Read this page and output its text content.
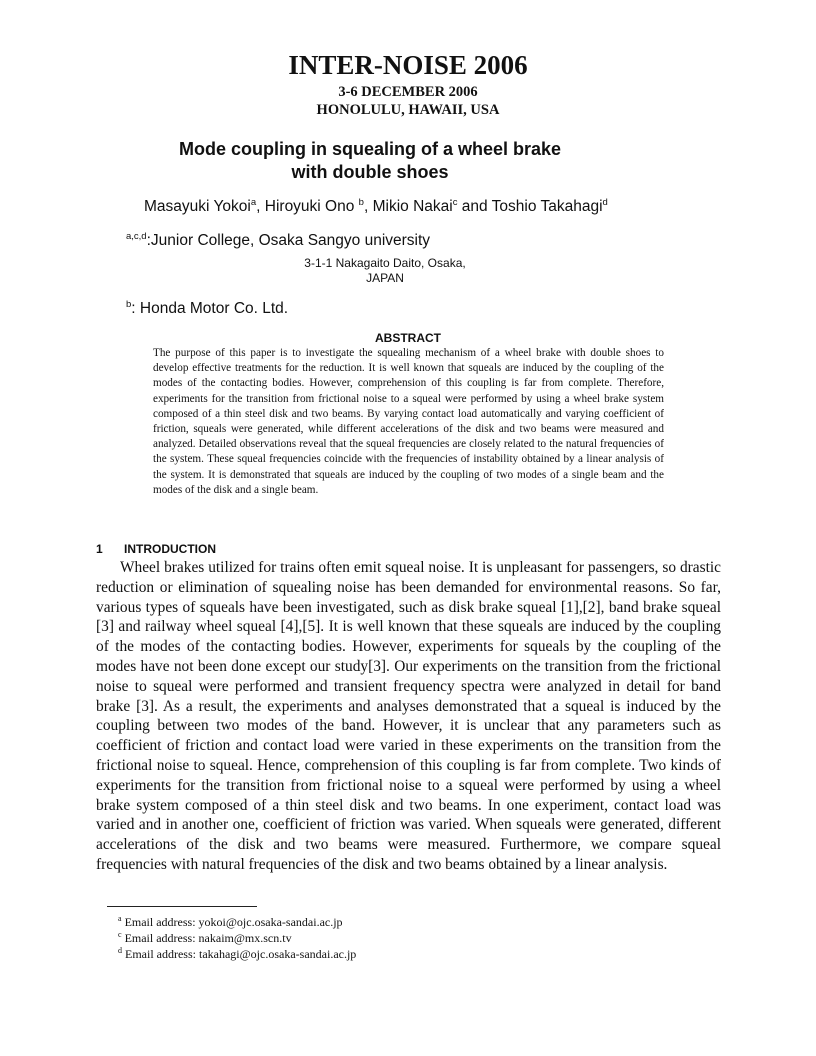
INTER-NOISE 2006
3-6 DECEMBER 2006
HONOLULU, HAWAII, USA
Mode coupling in squealing of a wheel brake
with double shoes
Masayuki Yokoi$^a$, Hiroyuki Ono $^b$, Mikio Nakai$^c$ and Toshio Takahagi$^d$
$^{a,c,d}$:Junior College, Osaka Sangyo university
3-1-1 Nakagaito Daito, Osaka,
JAPAN
$^b$: Honda Motor Co. Ltd.
ABSTRACT
The purpose of this paper is to investigate the squealing mechanism of a wheel brake with double shoes to develop effective treatments for the reduction. It is well known that squeals are induced by the coupling of the modes of the contacting bodies. However, comprehension of this coupling is far from complete. Therefore, experiments for the transition from frictional noise to a squeal were performed by using a wheel brake system composed of a thin steel disk and two beams. By varying contact load automatically and varying coefficient of friction, squeals were generated, while different accelerations of the disk and two beams were measured and analyzed. Detailed observations reveal that the squeal frequencies are closely related to the natural frequencies of the system. These squeal frequencies coincide with the frequencies of instability obtained by a linear analysis of the system. It is demonstrated that squeals are induced by the coupling of two modes of a single beam and the modes of the disk and a single beam.
1 INTRODUCTION
Wheel brakes utilized for trains often emit squeal noise. It is unpleasant for passengers, so drastic reduction or elimination of squealing noise has been demanded for environmental reasons. So far, various types of squeals have been investigated, such as disk brake squeal [1],[2], band brake squeal [3] and railway wheel squeal [4],[5]. It is well known that these squeals are induced by the coupling of the modes of the contacting bodies. However, experiments for squeals by the coupling of the modes have not been done except our study[3]. Our experiments on the transition from the frictional noise to squeal were performed and transient frequency spectra were analyzed in detail for band brake [3]. As a result, the experiments and analyses demonstrated that a squeal is induced by the coupling between two modes of the band. However, it is unclear that any parameters such as coefficient of friction and contact load were varied in these experiments on the transition from the frictional noise to squeal. Hence, comprehension of this coupling is far from complete. Two kinds of experiments for the transition from frictional noise to a squeal were performed by using a wheel brake system composed of a thin steel disk and two beams. In one experiment, contact load was varied and in another one, coefficient of friction was varied. When squeals were generated, different accelerations of the disk and two beams were measured. Furthermore, we compare squeal frequencies with natural frequencies of the disk and two beams obtained by a linear analysis.
$^a$ Email address: yokoi@ojc.osaka-sandai.ac.jp
$^c$ Email address: nakaim@mx.scn.tv
$^d$ Email address: takahagi@ojc.osaka-sandai.ac.jp
